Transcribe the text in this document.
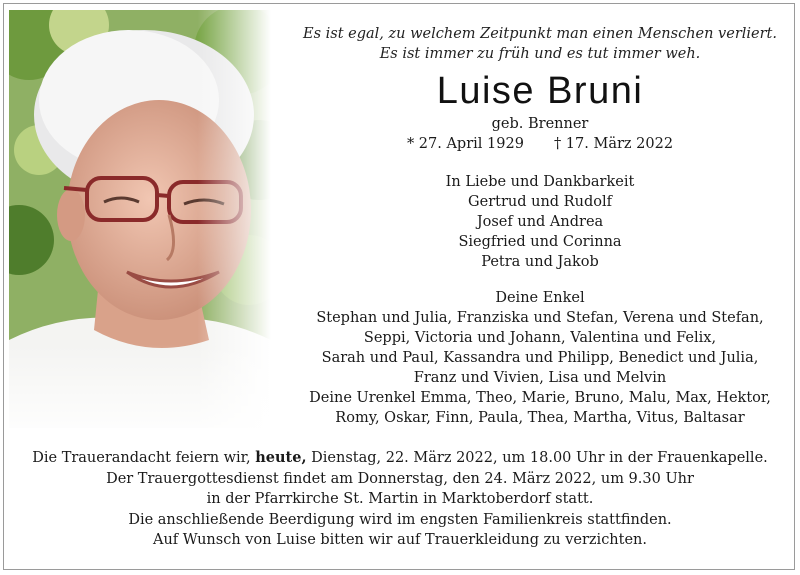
Es ist egal, zu welchem Zeitpunkt man einen Menschen verliert.
Es ist immer zu früh und es tut immer weh.
Luise Bruni
geb. Brenner
* 27. April 1929 † 17. März 2022
In Liebe und Dankbarkeit
Gertrud und Rudolf
Josef und Andrea
Siegfried und Corinna
Petra und Jakob
Deine Enkel
Stephan und Julia, Franziska und Stefan, Verena und Stefan,
Seppi, Victoria und Johann, Valentina und Felix,
Sarah und Paul, Kassandra und Philipp, Benedict und Julia,
Franz und Vivien, Lisa und Melvin
Deine Urenkel Emma, Theo, Marie, Bruno, Malu, Max, Hektor,
Romy, Oskar, Finn, Paula, Thea, Martha, Vitus, Baltasar
Die Trauerandacht feiern wir, heute, Dienstag, 22. März 2022, um 18.00 Uhr in der Frauenkapelle.
Der Trauergottesdienst findet am Donnerstag, den 24. März 2022, um 9.30 Uhr
in der Pfarrkirche St. Martin in Marktoberdorf statt.
Die anschließende Beerdigung wird im engsten Familienkreis stattfinden.
Auf Wunsch von Luise bitten wir auf Trauerkleidung zu verzichten.
